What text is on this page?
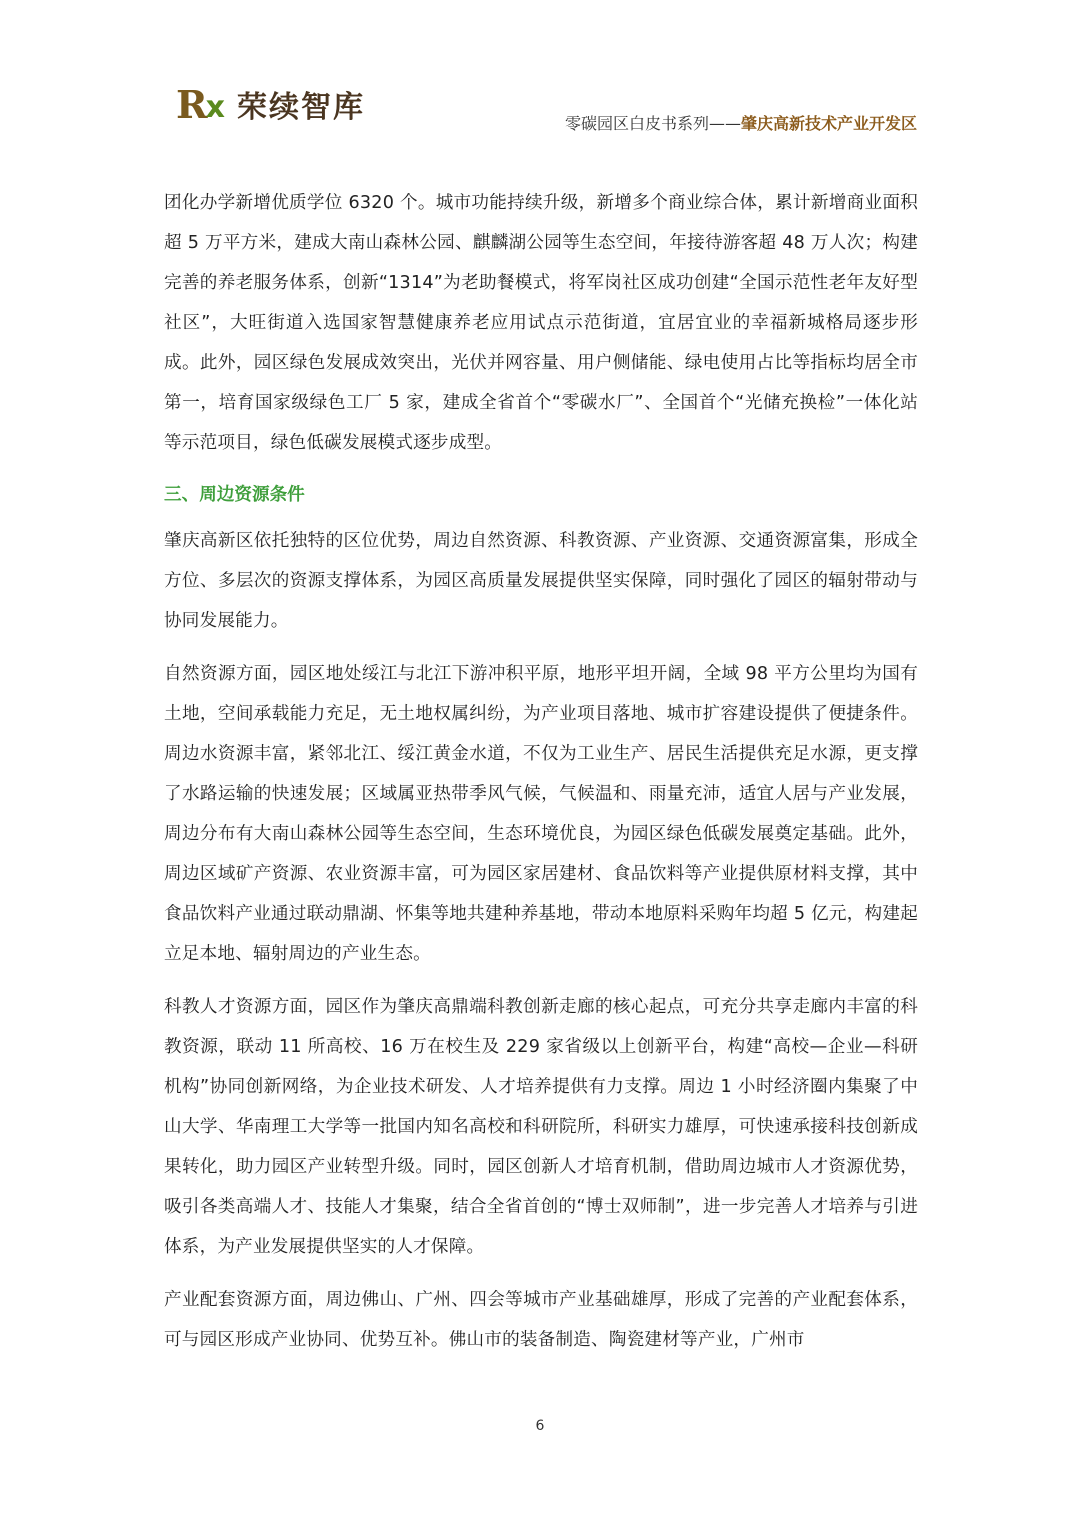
R
x 荣续智库	零碳园区白皮书系列——肇庆高新技术产业开发区

团化办学新增优质学位 6320 个。城市功能持续升级，新增多个商业综合体，累计新增商业面积超 5 万平方米，建成大南山森林公园、麒麟湖公园等生态空间，年接待游客超 48 万人次；构建完善的养老服务体系，创新“1314”为老助餐模式，将军岗社区成功创建“全国示范性老年友好型社区”，大旺街道入选国家智慧健康养老应用试点示范街道，宜居宜业的幸福新城格局逐步形成。此外，园区绿色发展成效突出，光伏并网容量、用户侧储能、绿电使用占比等指标均居全市第一，培育国家级绿色工厂 5 家，建成全省首个“零碳水厂”、全国首个“光储充换检”一体化站等示范项目，绿色低碳发展模式逐步成型。

三、周边资源条件

肇庆高新区依托独特的区位优势，周边自然资源、科教资源、产业资源、交通资源富集，形成全方位、多层次的资源支撑体系，为园区高质量发展提供坚实保障，同时强化了园区的辐射带动与协同发展能力。

自然资源方面，园区地处绥江与北江下游冲积平原，地形平坦开阔，全域 98 平方公里均为国有土地，空间承载能力充足，无土地权属纠纷，为产业项目落地、城市扩容建设提供了便捷条件。周边水资源丰富，紧邻北江、绥江黄金水道，不仅为工业生产、居民生活提供充足水源，更支撑了水路运输的快速发展；区域属亚热带季风气候，气候温和、雨量充沛，适宜人居与产业发展，周边分布有大南山森林公园等生态空间，生态环境优良，为园区绿色低碳发展奠定基础。此外，周边区域矿产资源、农业资源丰富，可为园区家居建材、食品饮料等产业提供原材料支撑，其中食品饮料产业通过联动鼎湖、怀集等地共建种养基地，带动本地原料采购年均超 5 亿元，构建起立足本地、辐射周边的产业生态。

科教人才资源方面，园区作为肇庆高鼎端科教创新走廊的核心起点，可充分共享走廊内丰富的科教资源，联动 11 所高校、16 万在校生及 229 家省级以上创新平台，构建“高校—企业—科研机构”协同创新网络，为企业技术研发、人才培养提供有力支撑。周边 1 小时经济圈内集聚了中山大学、华南理工大学等一批国内知名高校和科研院所，科研实力雄厚，可快速承接科技创新成果转化，助力园区产业转型升级。同时，园区创新人才培育机制，借助周边城市人才资源优势，吸引各类高端人才、技能人才集聚，结合全省首创的“博士双师制”，进一步完善人才培养与引进体系，为产业发展提供坚实的人才保障。

产业配套资源方面，周边佛山、广州、四会等城市产业基础雄厚，形成了完善的产业配套体系，可与园区形成产业协同、优势互补。佛山市的装备制造、陶瓷建材等产业，广州市

6
